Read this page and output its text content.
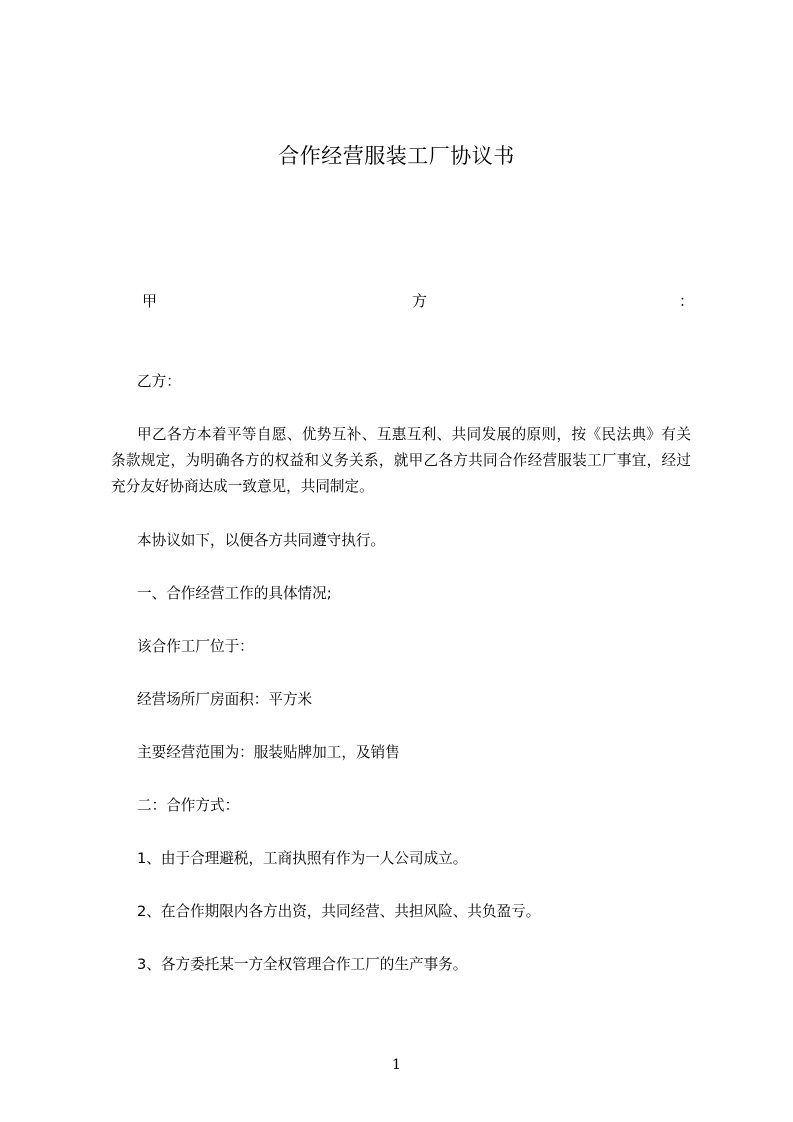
合作经营服装工厂协议书
甲	方	：

乙方：

甲乙各方本着平等自愿、优势互补、互惠互利、共同发展的原则，按《民法典》有关条款规定，为明确各方的权益和义务关系，就甲乙各方共同合作经营服装工厂事宜，经过充分友好协商达成一致意见，共同制定。

本协议如下，以便各方共同遵守执行。

一、合作经营工作的具体情况;

该合作工厂位于：

经营场所厂房面积：平方米

主要经营范围为：服装贴牌加工，及销售

二：合作方式：

1、由于合理避税，工商执照有作为一人公司成立。

2、在合作期限内各方出资，共同经营、共担风险、共负盈亏。

3、各方委托某一方全权管理合作工厂的生产事务。

1
